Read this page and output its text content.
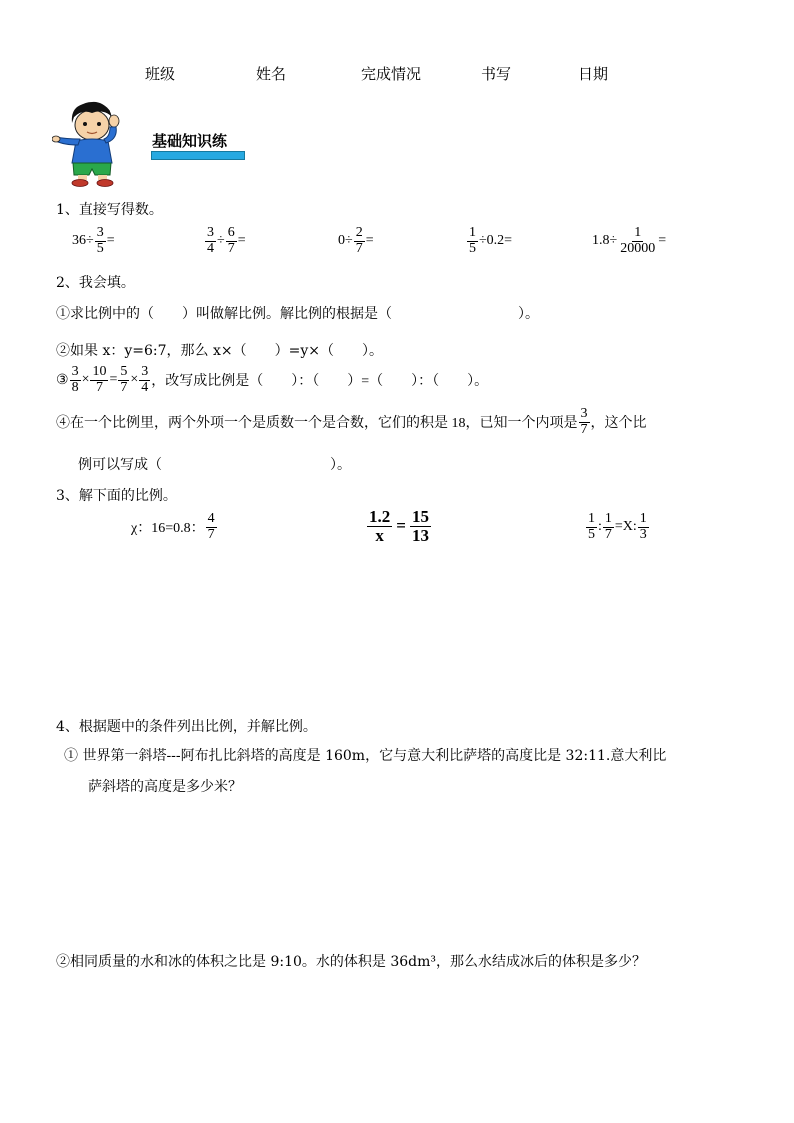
班级	姓名	完成情况	书写	日期
基础知识练
1、直接写得数。
$36\div \frac{3}{5}$ =	$\frac{3}{4} \div \frac{6}{7}$ =	$0\div \frac{2}{7}$ =	$\frac{1}{5} \div 0.2=$	$1.8\div \frac{1}{20000}$ =
2、我会填。
①求比例中的（　　）叫做解比例。解比例的根据是（　　　　　　　　　）。
②如果 x：y=6:7，那么 x×（　　）=y×（　　）。
③ $\frac{3}{8} \times \frac{10}{7} = \frac{5}{7} \times \frac{3}{4}$ ，改写成比例是（　　）：（　　）=（　　）：（　　）。
④在一个比例里，两个外项一个是质数一个是合数，它们的积是 18，已知一个内项是 $\frac{3}{7}$ ，这个比
例可以写成（　　　　　　　　　　　　）。
3、解下面的比例。
χ：16=0.8： $\frac{4}{7}$	$\frac{1.2}{x} = \frac{15}{13}$	$\frac{1}{5}$ : $\frac{1}{7} =X$: $\frac{1}{3}$
4、根据题中的条件列出比例，并解比例。
① 世界第一斜塔---阿布扎比斜塔的高度是 160m，它与意大利比萨塔的高度比是 32:11.意大利比
萨斜塔的高度是多少米？
②相同质量的水和冰的体积之比是 9:10。水的体积是 36dm³，那么水结成冰后的体积是多少？
